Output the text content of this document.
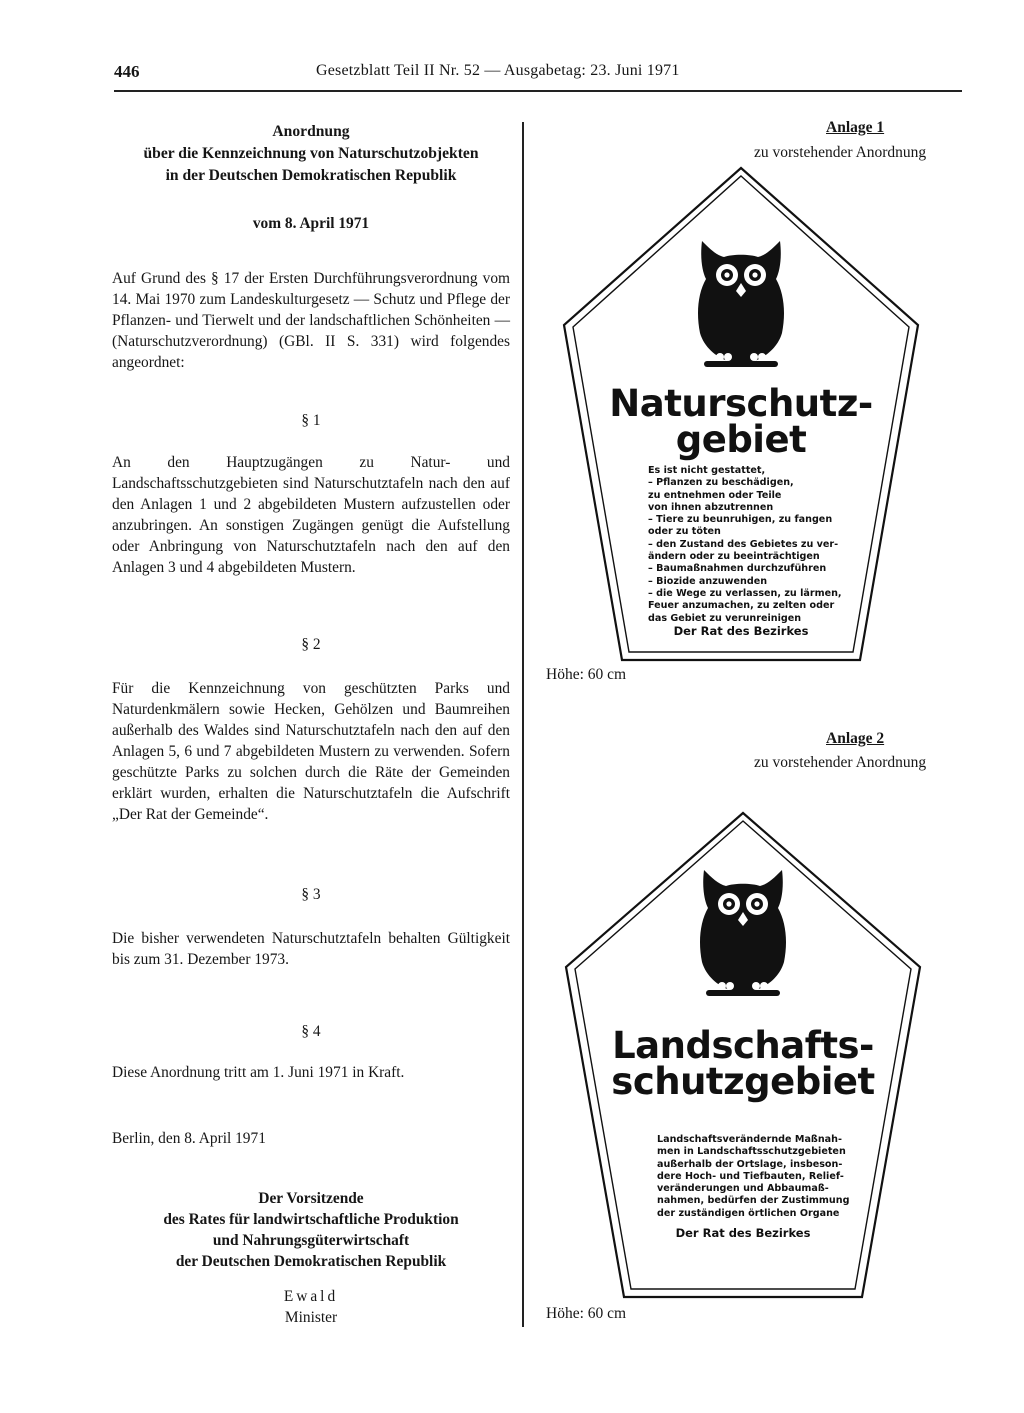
446	Gesetzblatt Teil II Nr. 52 — Ausgabetag: 23. Juni 1971
Anordnung
über die Kennzeichnung von Naturschutzobjekten
in der Deutschen Demokratischen Republik
vom 8. April 1971
Auf Grund des § 17 der Ersten Durchführungsverordnung vom 14. Mai 1970 zum Landeskulturgesetz — Schutz und Pflege der Pflanzen- und Tierwelt und der landschaftlichen Schönheiten — (Naturschutzverordnung) (GBl. II S. 331) wird folgendes angeordnet:
§ 1
An den Hauptzugängen zu Natur- und Landschaftsschutzgebieten sind Naturschutztafeln nach den auf den Anlagen 1 und 2 abgebildeten Mustern aufzustellen oder anzubringen. An sonstigen Zugängen genügt die Aufstellung oder Anbringung von Naturschutztafeln nach den auf den Anlagen 3 und 4 abgebildeten Mustern.
§ 2
Für die Kennzeichnung von geschützten Parks und Naturdenkmälern sowie Hecken, Gehölzen und Baumreihen außerhalb des Waldes sind Naturschutztafeln nach den auf den Anlagen 5, 6 und 7 abgebildeten Mustern zu verwenden. Sofern geschützte Parks zu solchen durch die Räte der Gemeinden erklärt wurden, erhalten die Naturschutztafeln die Aufschrift „Der Rat der Gemeinde“.
§ 3
Die bisher verwendeten Naturschutztafeln behalten Gültigkeit bis zum 31. Dezember 1973.
§ 4
Diese Anordnung tritt am 1. Juni 1971 in Kraft.
Berlin, den 8. April 1971
Der Vorsitzende
des Rates für landwirtschaftliche Produktion
und Nahrungsgüterwirtschaft
der Deutschen Demokratischen Republik
Ewald
Minister
Anlage 1
zu vorstehender Anordnung
Naturschutz-
gebiet
Es ist nicht gestattet,
– Pflanzen zu beschädigen,
zu entnehmen oder Teile
von ihnen abzutrennen
– Tiere zu beunruhigen, zu fangen
oder zu töten
– den Zustand des Gebietes zu ver-
ändern oder zu beeinträchtigen
– Baumaßnahmen durchzuführen
– Biozide anzuwenden
– die Wege zu verlassen, zu lärmen,
Feuer anzumachen, zu zelten oder
das Gebiet zu verunreinigen
Der Rat des Bezirkes
Höhe: 60 cm
Anlage 2
zu vorstehender Anordnung
Landschafts-
schutzgebiet
Landschaftsverändernde Maßnah-
men in Landschaftsschutzgebieten
außerhalb der Ortslage, insbeson-
dere Hoch- und Tiefbauten, Relief-
veränderungen und Abbaumaß-
nahmen, bedürfen der Zustimmung
der zuständigen örtlichen Organe
Der Rat des Bezirkes
Höhe: 60 cm
